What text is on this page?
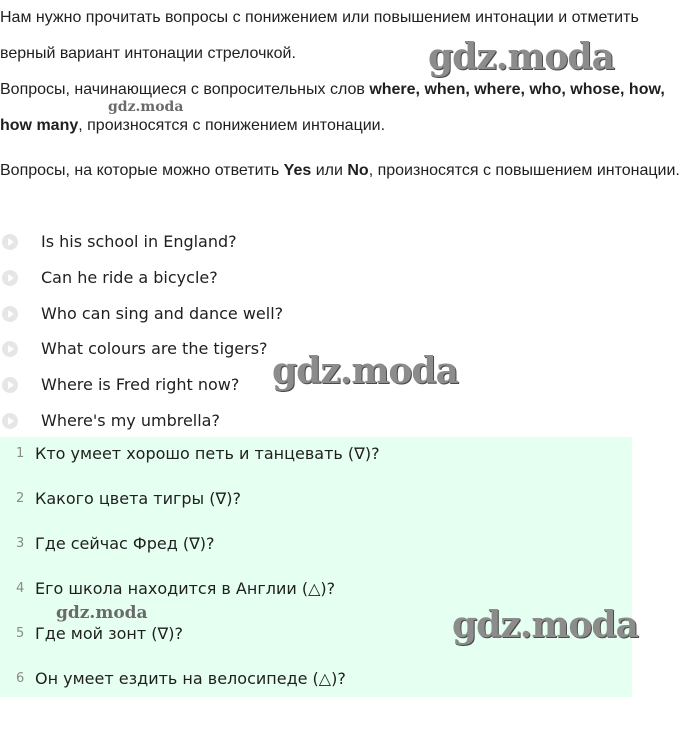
Нам нужно прочитать вопросы с понижением или повышением интонации и отметить верный вариант интонации стрелочкой.

Вопросы, начинающиеся с вопросительных слов where, when, where, who, whose, how, how many, произносятся с понижением интонации.

Вопросы, на которые можно ответить Yes или No, произносятся с повышением интонации.

Is his school in England?
Can he ride a bicycle?
Who can sing and dance well?
What colours are the tigers?
Where is Fred right now?
Where's my umbrella?
1 Кто умеет хорошо петь и танцевать (∇)?
2 Какого цвета тигры (∇)?
3 Где сейчас Фред (∇)?
4 Его школа находится в Англии (△)?
5 Где мой зонт (∇)?
6 Он умеет ездить на велосипеде (△)?
gdz.moda
gdz.moda
gdz.moda
gdz.moda	gdz.moda
